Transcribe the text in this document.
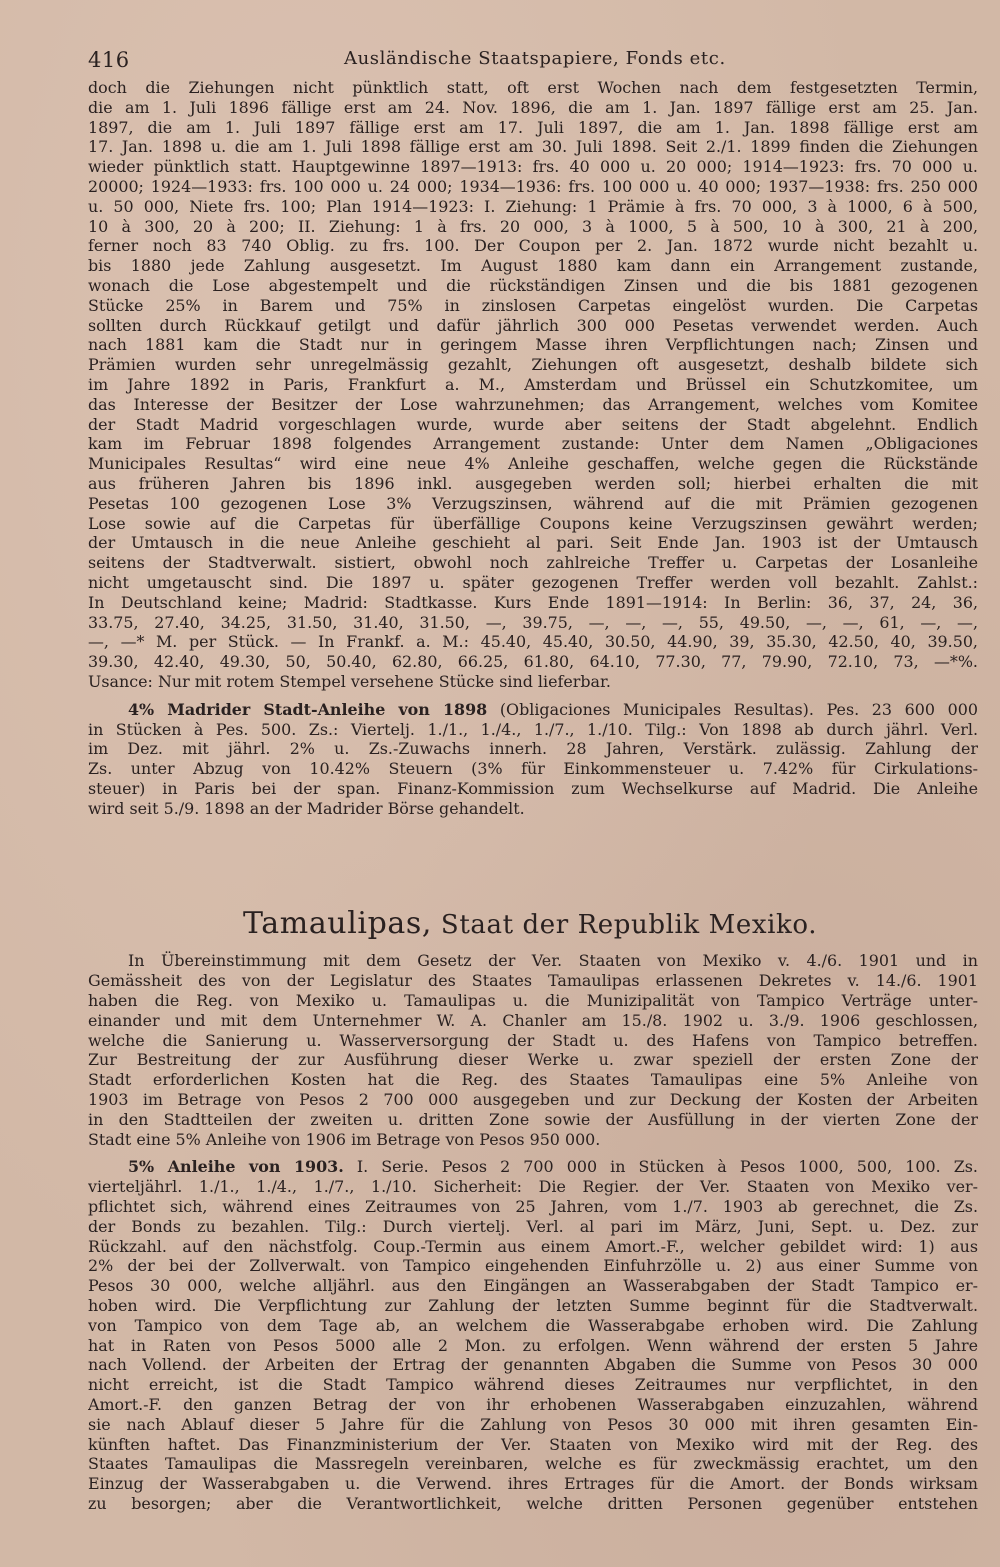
416	Ausländische Staatspapiere, Fonds etc.
doch die Ziehungen nicht pünktlich statt, oft erst Wochen nach dem festgesetzten Termin,
die am 1. Juli 1896 fällige erst am 24. Nov. 1896, die am 1. Jan. 1897 fällige erst am 25. Jan.
1897, die am 1. Juli 1897 fällige erst am 17. Juli 1897, die am 1. Jan. 1898 fällige erst am
17. Jan. 1898 u. die am 1. Juli 1898 fällige erst am 30. Juli 1898. Seit 2./1. 1899 finden die Ziehungen
wieder pünktlich statt. Hauptgewinne 1897—1913: frs. 40 000 u. 20 000; 1914—1923: frs. 70 000 u.
20000; 1924—1933: frs. 100 000 u. 24 000; 1934—1936: frs. 100 000 u. 40 000; 1937—1938: frs. 250 000
u. 50 000, Niete frs. 100; Plan 1914—1923: I. Ziehung: 1 Prämie à frs. 70 000, 3 à 1000, 6 à 500,
10 à 300, 20 à 200; II. Ziehung: 1 à frs. 20 000, 3 à 1000, 5 à 500, 10 à 300, 21 à 200,
ferner noch 83 740 Oblig. zu frs. 100. Der Coupon per 2. Jan. 1872 wurde nicht bezahlt u.
bis 1880 jede Zahlung ausgesetzt. Im August 1880 kam dann ein Arrangement zustande,
wonach die Lose abgestempelt und die rückständigen Zinsen und die bis 1881 gezogenen
Stücke 25% in Barem und 75% in zinslosen Carpetas eingelöst wurden. Die Carpetas
sollten durch Rückkauf getilgt und dafür jährlich 300 000 Pesetas verwendet werden. Auch
nach 1881 kam die Stadt nur in geringem Masse ihren Verpflichtungen nach; Zinsen und
Prämien wurden sehr unregelmässig gezahlt, Ziehungen oft ausgesetzt, deshalb bildete sich
im Jahre 1892 in Paris, Frankfurt a. M., Amsterdam und Brüssel ein Schutzkomitee, um
das Interesse der Besitzer der Lose wahrzunehmen; das Arrangement, welches vom Komitee
der Stadt Madrid vorgeschlagen wurde, wurde aber seitens der Stadt abgelehnt. Endlich
kam im Februar 1898 folgendes Arrangement zustande: Unter dem Namen „Obligaciones
Municipales Resultas“ wird eine neue 4% Anleihe geschaffen, welche gegen die Rückstände
aus früheren Jahren bis 1896 inkl. ausgegeben werden soll; hierbei erhalten die mit
Pesetas 100 gezogenen Lose 3% Verzugszinsen, während auf die mit Prämien gezogenen
Lose sowie auf die Carpetas für überfällige Coupons keine Verzugszinsen gewährt werden;
der Umtausch in die neue Anleihe geschieht al pari. Seit Ende Jan. 1903 ist der Umtausch
seitens der Stadtverwalt. sistiert, obwohl noch zahlreiche Treffer u. Carpetas der Losanleihe
nicht umgetauscht sind. Die 1897 u. später gezogenen Treffer werden voll bezahlt. Zahlst.:
In Deutschland keine; Madrid: Stadtkasse. Kurs Ende 1891—1914: In Berlin: 36, 37, 24, 36,
33.75, 27.40, 34.25, 31.50, 31.40, 31.50, —, 39.75, —, —, —, 55, 49.50, —, —, 61, —, —,
—, —* M. per Stück. — In Frankf. a. M.: 45.40, 45.40, 30.50, 44.90, 39, 35.30, 42.50, 40, 39.50,
39.30, 42.40, 49.30, 50, 50.40, 62.80, 66.25, 61.80, 64.10, 77.30, 77, 79.90, 72.10, 73, —*%.
Usance: Nur mit rotem Stempel versehene Stücke sind lieferbar.
4% Madrider Stadt-Anleihe von 1898 (Obligaciones Municipales Resultas). Pes. 23 600 000
in Stücken à Pes. 500. Zs.: Viertelj. 1./1., 1./4., 1./7., 1./10. Tilg.: Von 1898 ab durch jährl. Verl.
im Dez. mit jährl. 2% u. Zs.-Zuwachs innerh. 28 Jahren, Verstärk. zulässig. Zahlung der
Zs. unter Abzug von 10.42% Steuern (3% für Einkommensteuer u. 7.42% für Cirkulations-
steuer) in Paris bei der span. Finanz-Kommission zum Wechselkurse auf Madrid. Die Anleihe
wird seit 5./9. 1898 an der Madrider Börse gehandelt.
Tamaulipas, Staat der Republik Mexiko.
In Übereinstimmung mit dem Gesetz der Ver. Staaten von Mexiko v. 4./6. 1901 und in
Gemässheit des von der Legislatur des Staates Tamaulipas erlassenen Dekretes v. 14./6. 1901
haben die Reg. von Mexiko u. Tamaulipas u. die Munizipalität von Tampico Verträge unter-
einander und mit dem Unternehmer W. A. Chanler am 15./8. 1902 u. 3./9. 1906 geschlossen,
welche die Sanierung u. Wasserversorgung der Stadt u. des Hafens von Tampico betreffen.
Zur Bestreitung der zur Ausführung dieser Werke u. zwar speziell der ersten Zone der
Stadt erforderlichen Kosten hat die Reg. des Staates Tamaulipas eine 5% Anleihe von
1903 im Betrage von Pesos 2 700 000 ausgegeben und zur Deckung der Kosten der Arbeiten
in den Stadtteilen der zweiten u. dritten Zone sowie der Ausfüllung in der vierten Zone der
Stadt eine 5% Anleihe von 1906 im Betrage von Pesos 950 000.
5% Anleihe von 1903. I. Serie. Pesos 2 700 000 in Stücken à Pesos 1000, 500, 100. Zs.
vierteljährl. 1./1., 1./4., 1./7., 1./10. Sicherheit: Die Regier. der Ver. Staaten von Mexiko ver-
pflichtet sich, während eines Zeitraumes von 25 Jahren, vom 1./7. 1903 ab gerechnet, die Zs.
der Bonds zu bezahlen. Tilg.: Durch viertelj. Verl. al pari im März, Juni, Sept. u. Dez. zur
Rückzahl. auf den nächstfolg. Coup.-Termin aus einem Amort.-F., welcher gebildet wird: 1) aus
2% der bei der Zollverwalt. von Tampico eingehenden Einfuhrzölle u. 2) aus einer Summe von
Pesos 30 000, welche alljährl. aus den Eingängen an Wasserabgaben der Stadt Tampico er-
hoben wird. Die Verpflichtung zur Zahlung der letzten Summe beginnt für die Stadtverwalt.
von Tampico von dem Tage ab, an welchem die Wasserabgabe erhoben wird. Die Zahlung
hat in Raten von Pesos 5000 alle 2 Mon. zu erfolgen. Wenn während der ersten 5 Jahre
nach Vollend. der Arbeiten der Ertrag der genannten Abgaben die Summe von Pesos 30 000
nicht erreicht, ist die Stadt Tampico während dieses Zeitraumes nur verpflichtet, in den
Amort.-F. den ganzen Betrag der von ihr erhobenen Wasserabgaben einzuzahlen, während
sie nach Ablauf dieser 5 Jahre für die Zahlung von Pesos 30 000 mit ihren gesamten Ein-
künften haftet. Das Finanzministerium der Ver. Staaten von Mexiko wird mit der Reg. des
Staates Tamaulipas die Massregeln vereinbaren, welche es für zweckmässig erachtet, um den
Einzug der Wasserabgaben u. die Verwend. ihres Ertrages für die Amort. der Bonds wirksam
zu besorgen; aber die Verantwortlichkeit, welche dritten Personen gegenüber entstehen
